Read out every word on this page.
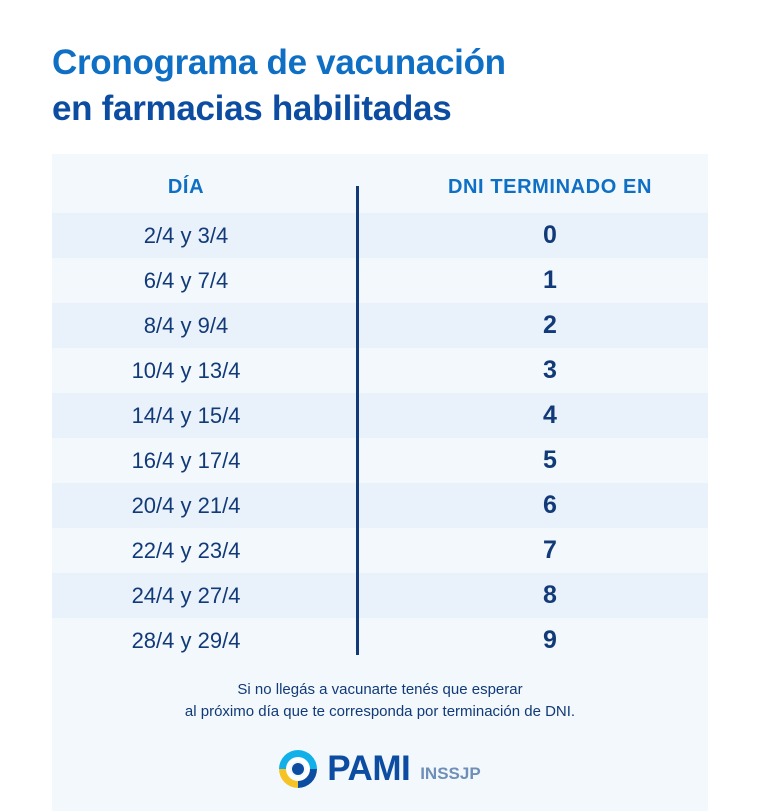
Cronograma de vacunación
en farmacias habilitadas
DÍA	DNI TERMINADO EN
2/4 y 3/4	0
6/4 y 7/4	1
8/4 y 9/4	2
10/4 y 13/4	3
14/4 y 15/4	4
16/4 y 17/4	5
20/4 y 21/4	6
22/4 y 23/4	7
24/4 y 27/4	8
28/4 y 29/4	9
Si no llegás a vacunarte tenés que esperar
al próximo día que te corresponda por terminación de DNI.
PAMI INSSJP
